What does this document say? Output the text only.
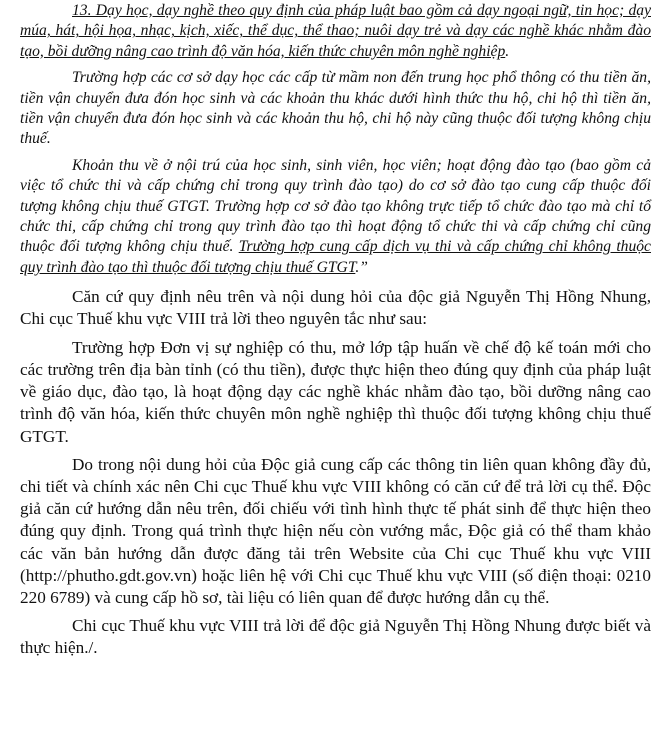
13. Dạy học, dạy nghề theo quy định của pháp luật bao gồm cả dạy ngoại ngữ, tin học; dạy múa, hát, hội họa, nhạc, kịch, xiếc, thể dục, thể thao; nuôi dạy trẻ và dạy các nghề khác nhằm đào tạo, bồi dưỡng nâng cao trình độ văn hóa, kiến thức chuyên môn nghề nghiệp.

Trường hợp các cơ sở dạy học các cấp từ mầm non đến trung học phổ thông có thu tiền ăn, tiền vận chuyển đưa đón học sinh và các khoản thu khác dưới hình thức thu hộ, chi hộ thì tiền ăn, tiền vận chuyển đưa đón học sinh và các khoản thu hộ, chi hộ này cũng thuộc đối tượng không chịu thuế.

Khoản thu về ở nội trú của học sinh, sinh viên, học viên; hoạt động đào tạo (bao gồm cả việc tổ chức thi và cấp chứng chỉ trong quy trình đào tạo) do cơ sở đào tạo cung cấp thuộc đối tượng không chịu thuế GTGT. Trường hợp cơ sở đào tạo không trực tiếp tổ chức đào tạo mà chỉ tổ chức thi, cấp chứng chỉ trong quy trình đào tạo thì hoạt động tổ chức thi và cấp chứng chỉ cũng thuộc đối tượng không chịu thuế. Trường hợp cung cấp dịch vụ thi và cấp chứng chỉ không thuộc quy trình đào tạo thì thuộc đối tượng chịu thuế GTGT.”

Căn cứ quy định nêu trên và nội dung hỏi của độc giả Nguyễn Thị Hồng Nhung, Chi cục Thuế khu vực VIII trả lời theo nguyên tắc như sau:

Trường hợp Đơn vị sự nghiệp có thu, mở lớp tập huấn về chế độ kế toán mới cho các trường trên địa bàn tỉnh (có thu tiền), được thực hiện theo đúng quy định của pháp luật về giáo dục, đào tạo, là hoạt động dạy các nghề khác nhằm đào tạo, bồi dưỡng nâng cao trình độ văn hóa, kiến thức chuyên môn nghề nghiệp thì thuộc đối tượng không chịu thuế GTGT.

Do trong nội dung hỏi của Độc giả cung cấp các thông tin liên quan không đầy đủ, chi tiết và chính xác nên Chi cục Thuế khu vực VIII không có căn cứ để trả lời cụ thể. Độc giả căn cứ hướng dẫn nêu trên, đối chiếu với tình hình thực tế phát sinh để thực hiện theo đúng quy định. Trong quá trình thực hiện nếu còn vướng mắc, Độc giả có thể tham khảo các văn bản hướng dẫn được đăng tải trên Website của Chi cục Thuế khu vực VIII (http://phutho.gdt.gov.vn) hoặc liên hệ với Chi cục Thuế khu vực VIII (số điện thoại: 0210 220 6789) và cung cấp hồ sơ, tài liệu có liên quan để được hướng dẫn cụ thể.

Chi cục Thuế khu vực VIII trả lời để độc giả Nguyễn Thị Hồng Nhung được biết và thực hiện./.
